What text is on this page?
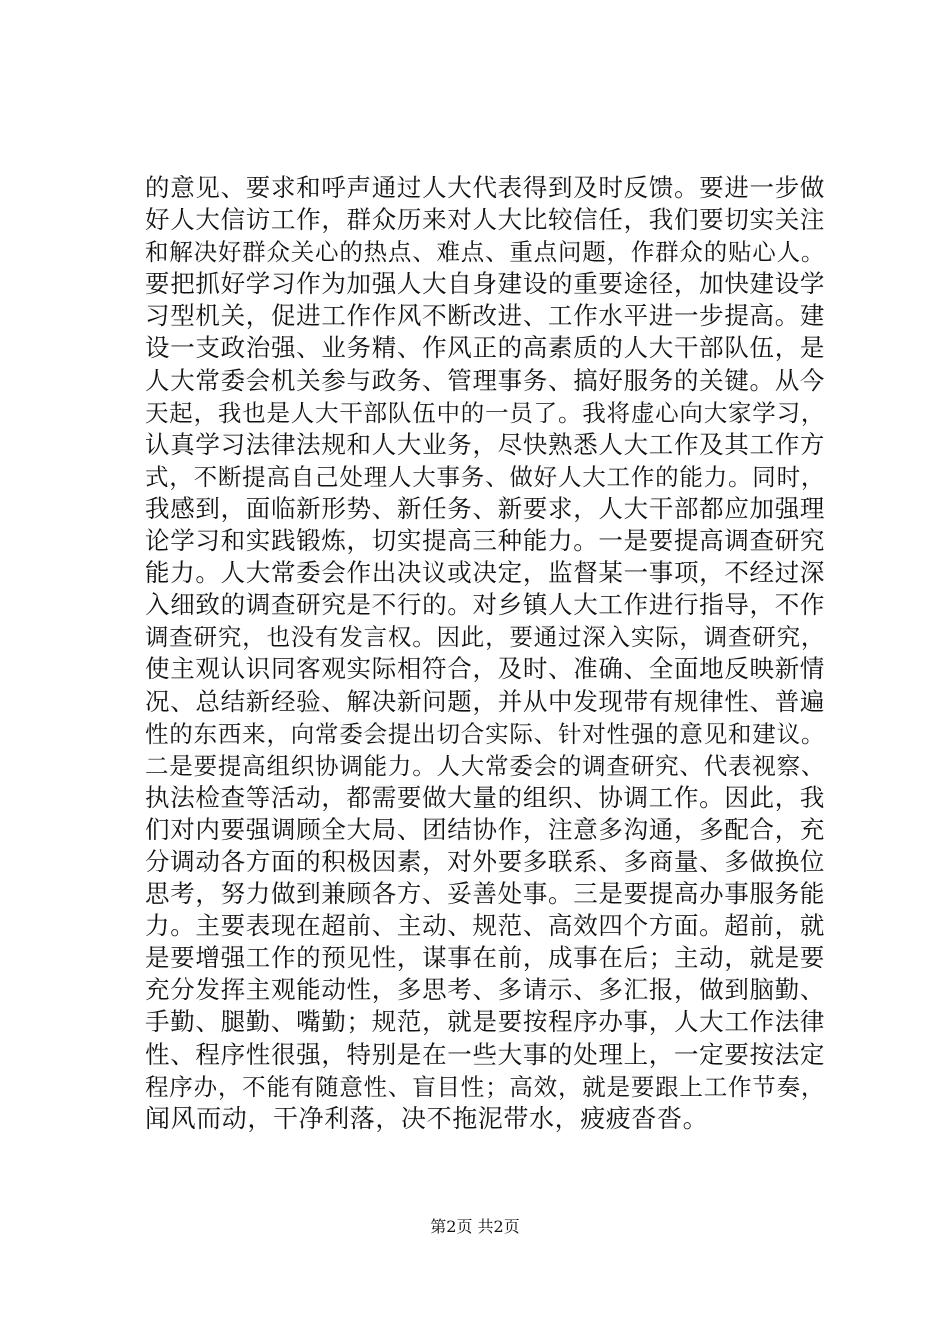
的意见、要求和呼声通过人大代表得到及时反馈。要进一步做
好人大信访工作，群众历来对人大比较信任，我们要切实关注
和解决好群众关心的热点、难点、重点问题，作群众的贴心人。
要把抓好学习作为加强人大自身建设的重要途径，加快建设学
习型机关，促进工作作风不断改进、工作水平进一步提高。建
设一支政治强、业务精、作风正的高素质的人大干部队伍，是
人大常委会机关参与政务、管理事务、搞好服务的关键。从今
天起，我也是人大干部队伍中的一员了。我将虚心向大家学习，
认真学习法律法规和人大业务，尽快熟悉人大工作及其工作方
式，不断提高自己处理人大事务、做好人大工作的能力。同时，
我感到，面临新形势、新任务、新要求，人大干部都应加强理
论学习和实践锻炼，切实提高三种能力。一是要提高调查研究
能力。人大常委会作出决议或决定，监督某一事项，不经过深
入细致的调查研究是不行的。对乡镇人大工作进行指导，不作
调查研究，也没有发言权。因此，要通过深入实际，调查研究，
使主观认识同客观实际相符合，及时、准确、全面地反映新情
况、总结新经验、解决新问题，并从中发现带有规律性、普遍
性的东西来，向常委会提出切合实际、针对性强的意见和建议。
二是要提高组织协调能力。人大常委会的调查研究、代表视察、
执法检查等活动，都需要做大量的组织、协调工作。因此，我
们对内要强调顾全大局、团结协作，注意多沟通，多配合，充
分调动各方面的积极因素，对外要多联系、多商量、多做换位
思考，努力做到兼顾各方、妥善处事。三是要提高办事服务能
力。主要表现在超前、主动、规范、高效四个方面。超前，就
是要增强工作的预见性，谋事在前，成事在后；主动，就是要
充分发挥主观能动性，多思考、多请示、多汇报，做到脑勤、
手勤、腿勤、嘴勤；规范，就是要按程序办事，人大工作法律
性、程序性很强，特别是在一些大事的处理上，一定要按法定
程序办，不能有随意性、盲目性；高效，就是要跟上工作节奏，
闻风而动，干净利落，决不拖泥带水，疲疲沓沓。
第2页 共2页
